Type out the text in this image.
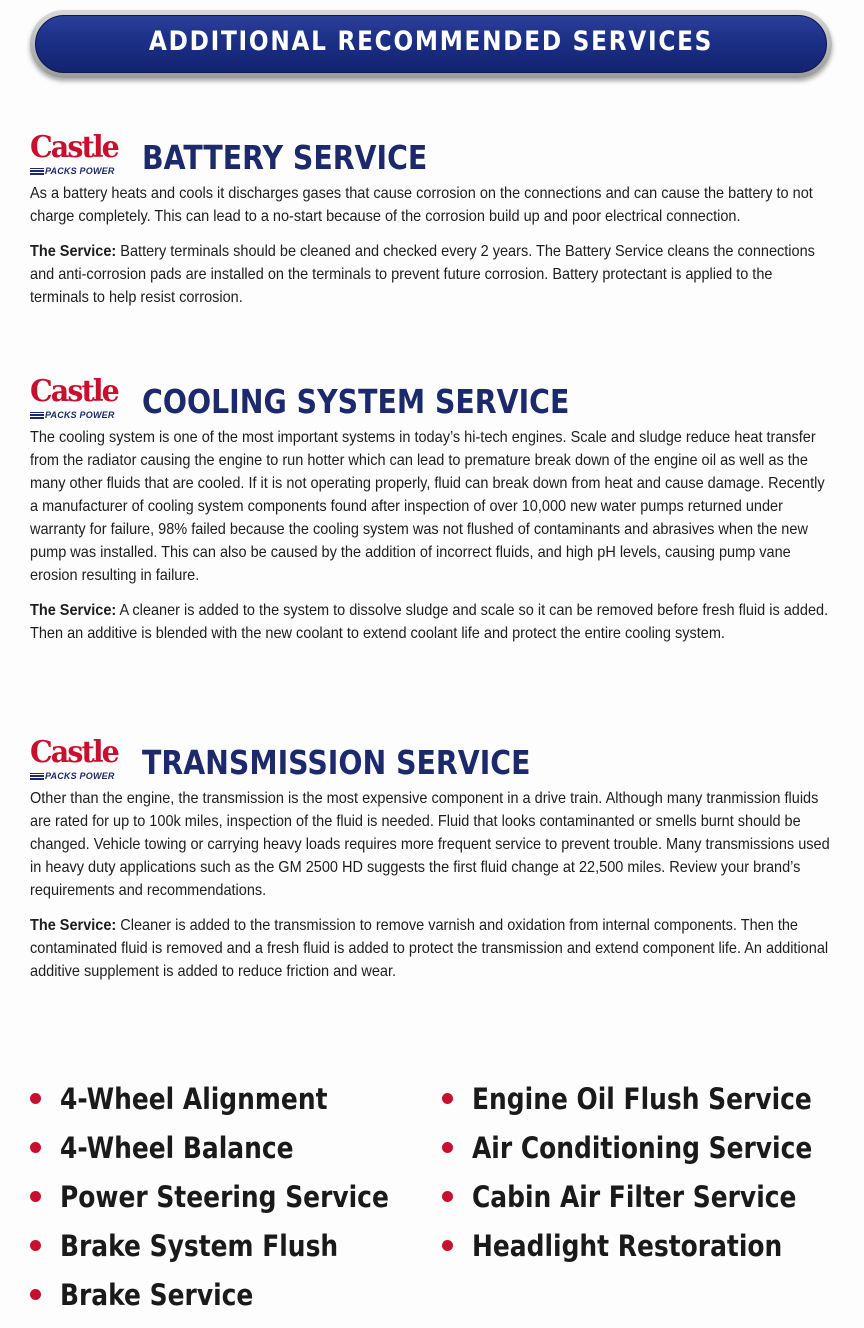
ADDITIONAL RECOMMENDED SERVICES
Castle
PACKS POWER BATTERY SERVICE

As a battery heats and cools it discharges gases that cause corrosion on the connections and can cause the battery to not charge completely. This can lead to a no-start because of the corrosion build up and poor electrical connection.

The Service: Battery terminals should be cleaned and checked every 2 years. The Battery Service cleans the connections and anti-corrosion pads are installed on the terminals to prevent future corrosion. Battery protectant is applied to the terminals to help resist corrosion.

Castle
PACKS POWER COOLING SYSTEM SERVICE

The cooling system is one of the most important systems in today’s hi-tech engines. Scale and sludge reduce heat transfer from the radiator causing the engine to run hotter which can lead to premature break down of the engine oil as well as the many other fluids that are cooled. If it is not operating properly, fluid can break down from heat and cause damage. Recently a manufacturer of cooling system components found after inspection of over 10,000 new water pumps returned under warranty for failure, 98% failed because the cooling system was not flushed of contaminants and abrasives when the new pump was installed. This can also be caused by the addition of incorrect fluids, and high pH levels, causing pump vane erosion resulting in failure.

The Service: A cleaner is added to the system to dissolve sludge and scale so it can be removed before fresh fluid is added. Then an additive is blended with the new coolant to extend coolant life and protect the entire cooling system.

Castle
PACKS POWER TRANSMISSION SERVICE

Other than the engine, the transmission is the most expensive component in a drive train. Although many tranmission fluids are rated for up to 100k miles, inspection of the fluid is needed. Fluid that looks contaminanted or smells burnt should be changed. Vehicle towing or carrying heavy loads requires more frequent service to prevent trouble. Many transmissions used in heavy duty applications such as the GM 2500 HD suggests the first fluid change at 22,500 miles. Review your brand’s requirements and recommendations.

The Service: Cleaner is added to the transmission to remove varnish and oxidation from internal components. Then the contaminated fluid is removed and a fresh fluid is added to protect the transmission and extend component life. An additional additive supplement is added to reduce friction and wear.

4-Wheel Alignment
4-Wheel Balance
Power Steering Service
Brake System Flush
Brake Service
Engine Oil Flush Service
Air Conditioning Service
Cabin Air Filter Service
Headlight Restoration
